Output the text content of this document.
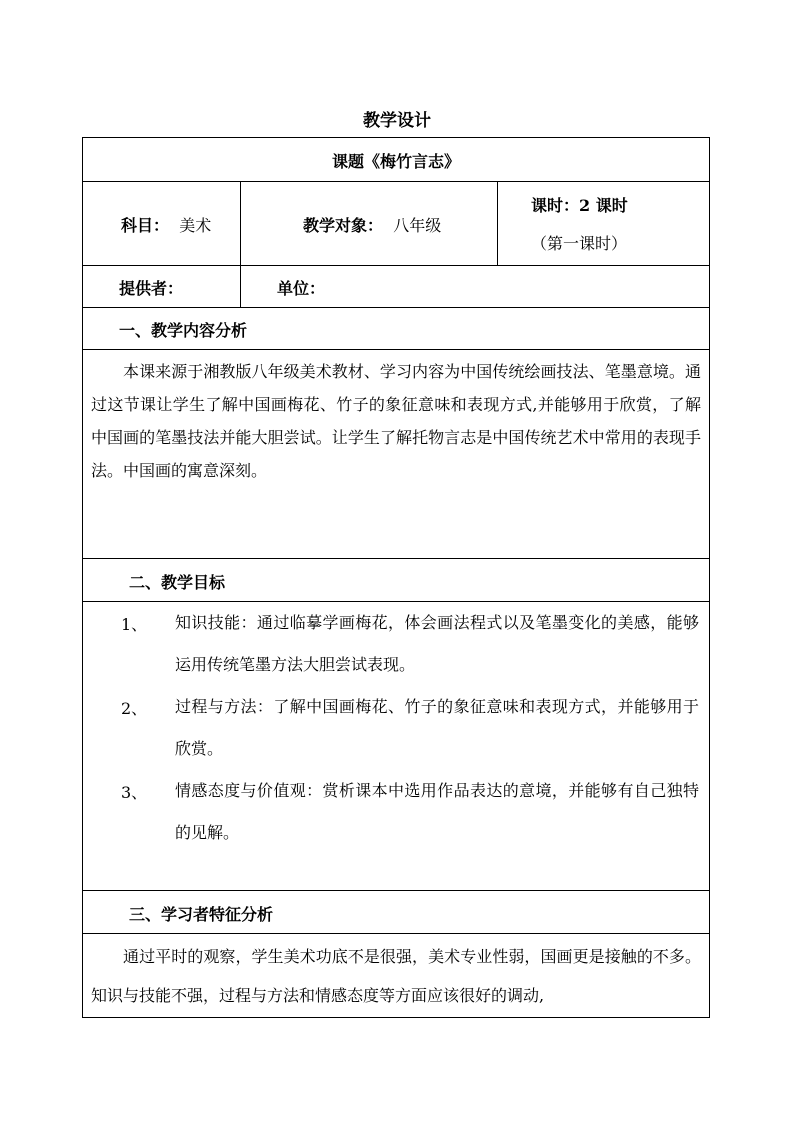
教学设计
课题《梅竹言志》
科目： 美术	教学对象： 八年级
课时：2 课时
（第一课时）
提供者：	单位：
一、教学内容分析
本课来源于湘教版八年级美术教材、学习内容为中国传统绘画技法、笔墨意境。通过这节课让学生了解中国画梅花、竹子的象征意味和表现方式,并能够用于欣赏，了解中国画的笔墨技法并能大胆尝试。让学生了解托物言志是中国传统艺术中常用的表现手法。中国画的寓意深刻。
二、教学目标
1、 知识技能：通过临摹学画梅花，体会画法程式以及笔墨变化的美感，能够运用传统笔墨方法大胆尝试表现。
2、 过程与方法：了解中国画梅花、竹子的象征意味和表现方式，并能够用于欣赏。
3、 情感态度与价值观：赏析课本中选用作品表达的意境，并能够有自己独特的见解。
三、学习者特征分析
通过平时的观察，学生美术功底不是很强，美术专业性弱，国画更是接触的不多。知识与技能不强，过程与方法和情感态度等方面应该很好的调动,
